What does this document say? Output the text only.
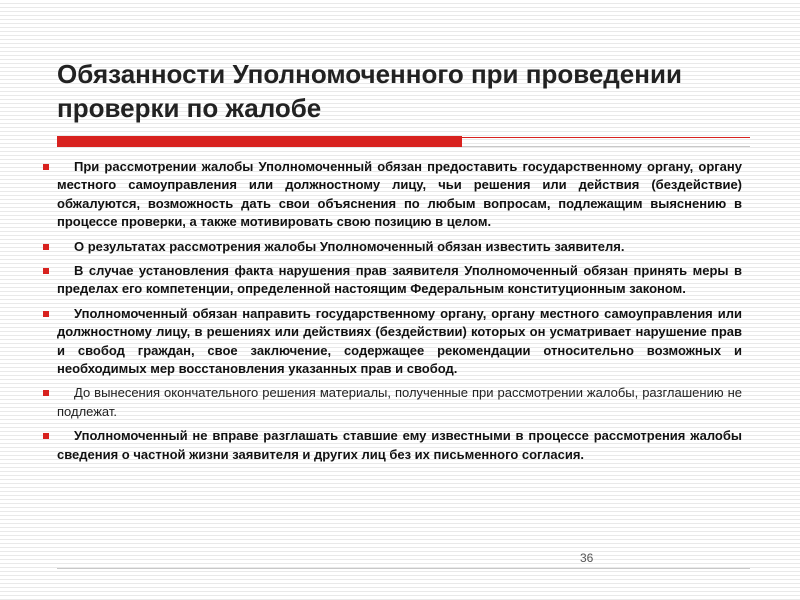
Обязанности Уполномоченного при проведении проверки по жалобе

При рассмотрении жалобы Уполномоченный обязан предоставить государственному органу, органу местного самоуправления или должностному лицу, чьи решения или действия (бездействие) обжалуются, возможность дать свои объяснения по любым вопросам, подлежащим выяснению в процессе проверки, а также мотивировать свою позицию в целом.

О результатах рассмотрения жалобы Уполномоченный обязан известить заявителя.

В случае установления факта нарушения прав заявителя Уполномоченный обязан принять меры в пределах его компетенции, определенной настоящим Федеральным конституционным законом.

Уполномоченный обязан направить государственному органу, органу местного самоуправления или должностному лицу, в решениях или действиях (бездействии) которых он усматривает нарушение прав и свобод граждан, свое заключение, содержащее рекомендации относительно возможных и необходимых мер восстановления указанных прав и свобод.

До вынесения окончательного решения материалы, полученные при рассмотрении жалобы, разглашению не подлежат.

Уполномоченный не вправе разглашать ставшие ему известными в процессе рассмотрения жалобы сведения о частной жизни заявителя и других лиц без их письменного согласия.

36
